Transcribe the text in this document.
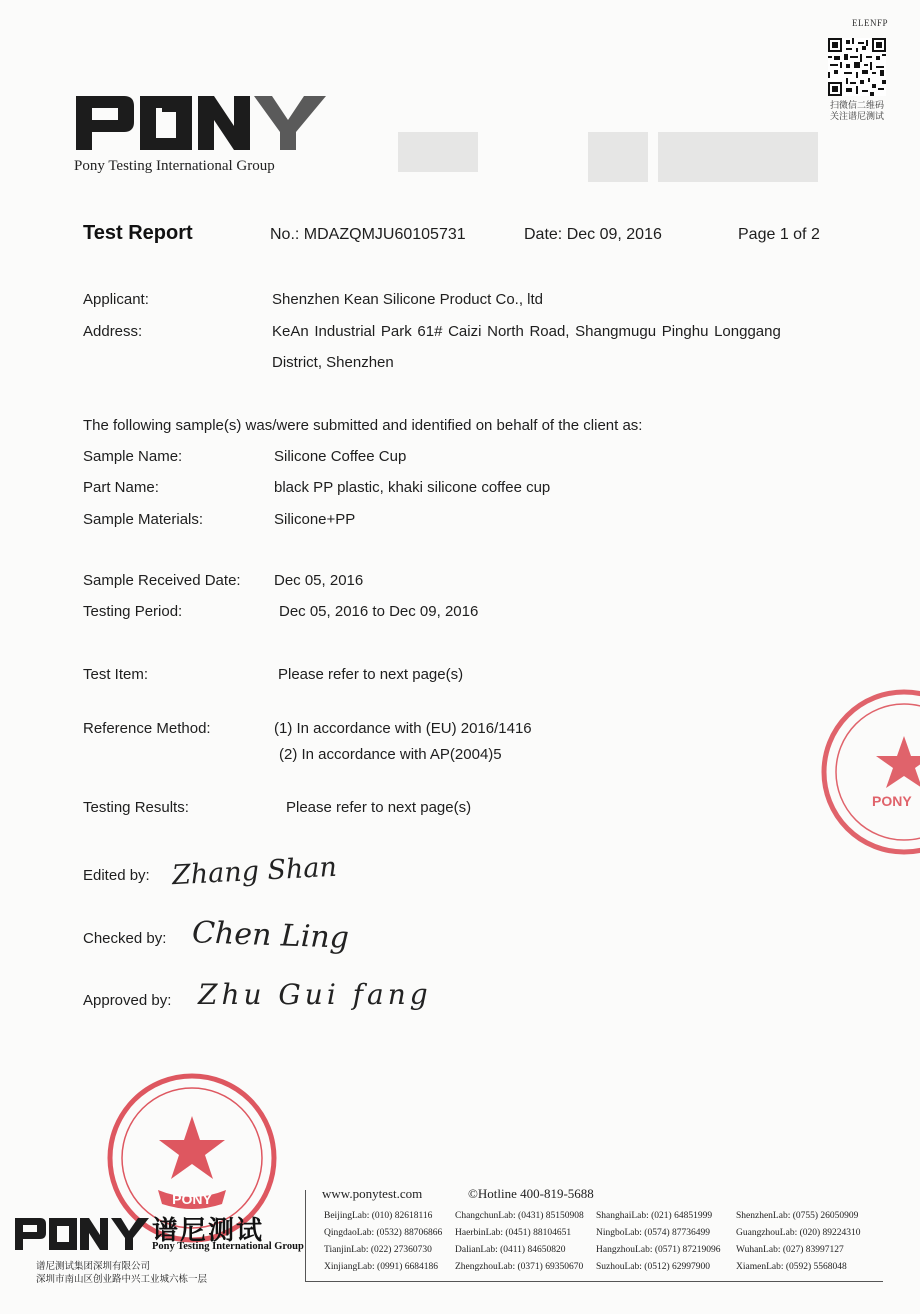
Pony Testing International Group
ELENFP
扫微信二维码
关注谱尼测试
Test Report	No.: MDAZQMJU60105731	Date: Dec 09, 2016	Page 1 of 2
Applicant:	Shenzhen Kean Silicone Product Co., ltd
Address:	KeAn Industrial Park 61# Caizi North Road, Shangmugu Pinghu Longgang
District, Shenzhen
The following sample(s) was/were submitted and identified on behalf of the client as:
Sample Name:	Silicone Coffee Cup
Part Name:	black PP plastic, khaki silicone coffee cup
Sample Materials:	Silicone+PP
Sample Received Date: Dec 05, 2016
Testing Period:	Dec 05, 2016 to Dec 09, 2016
Test Item:	Please refer to next page(s)
Reference Method:	(1) In accordance with (EU) 2016/1416
(2) In accordance with AP(2004)5
Testing Results:	Please refer to next page(s)
Edited by: Zhang Shan
Checked by: Chen Ling
Approved by: Zhu Gui fang
PONY
PONY
谱尼测试
Pony Testing International Group
谱尼测试集团深圳有限公司
深圳市南山区创业路中兴工业城六栋一层
www.ponytest.com	©Hotline 400-819-5688
BeijingLab: (010) 82618116 ChangchunLab: (0431) 85150908 ShanghaiLab: (021) 64851999	ShenzhenLab: (0755) 26050909
QingdaoLab: (0532) 88706866 HaerbinLab: (0451) 88104651	NingboLab: (0574) 87736499	GuangzhouLab: (020) 89224310
TianjinLab: (022) 27360730 DalianLab: (0411) 84650820	HangzhouLab: (0571) 87219096 WuhanLab: (027) 83997127
XinjiangLab: (0991) 6684186 ZhengzhouLab: (0371) 69350670 SuzhouLab: (0512) 62997900	XiamenLab: (0592) 5568048
